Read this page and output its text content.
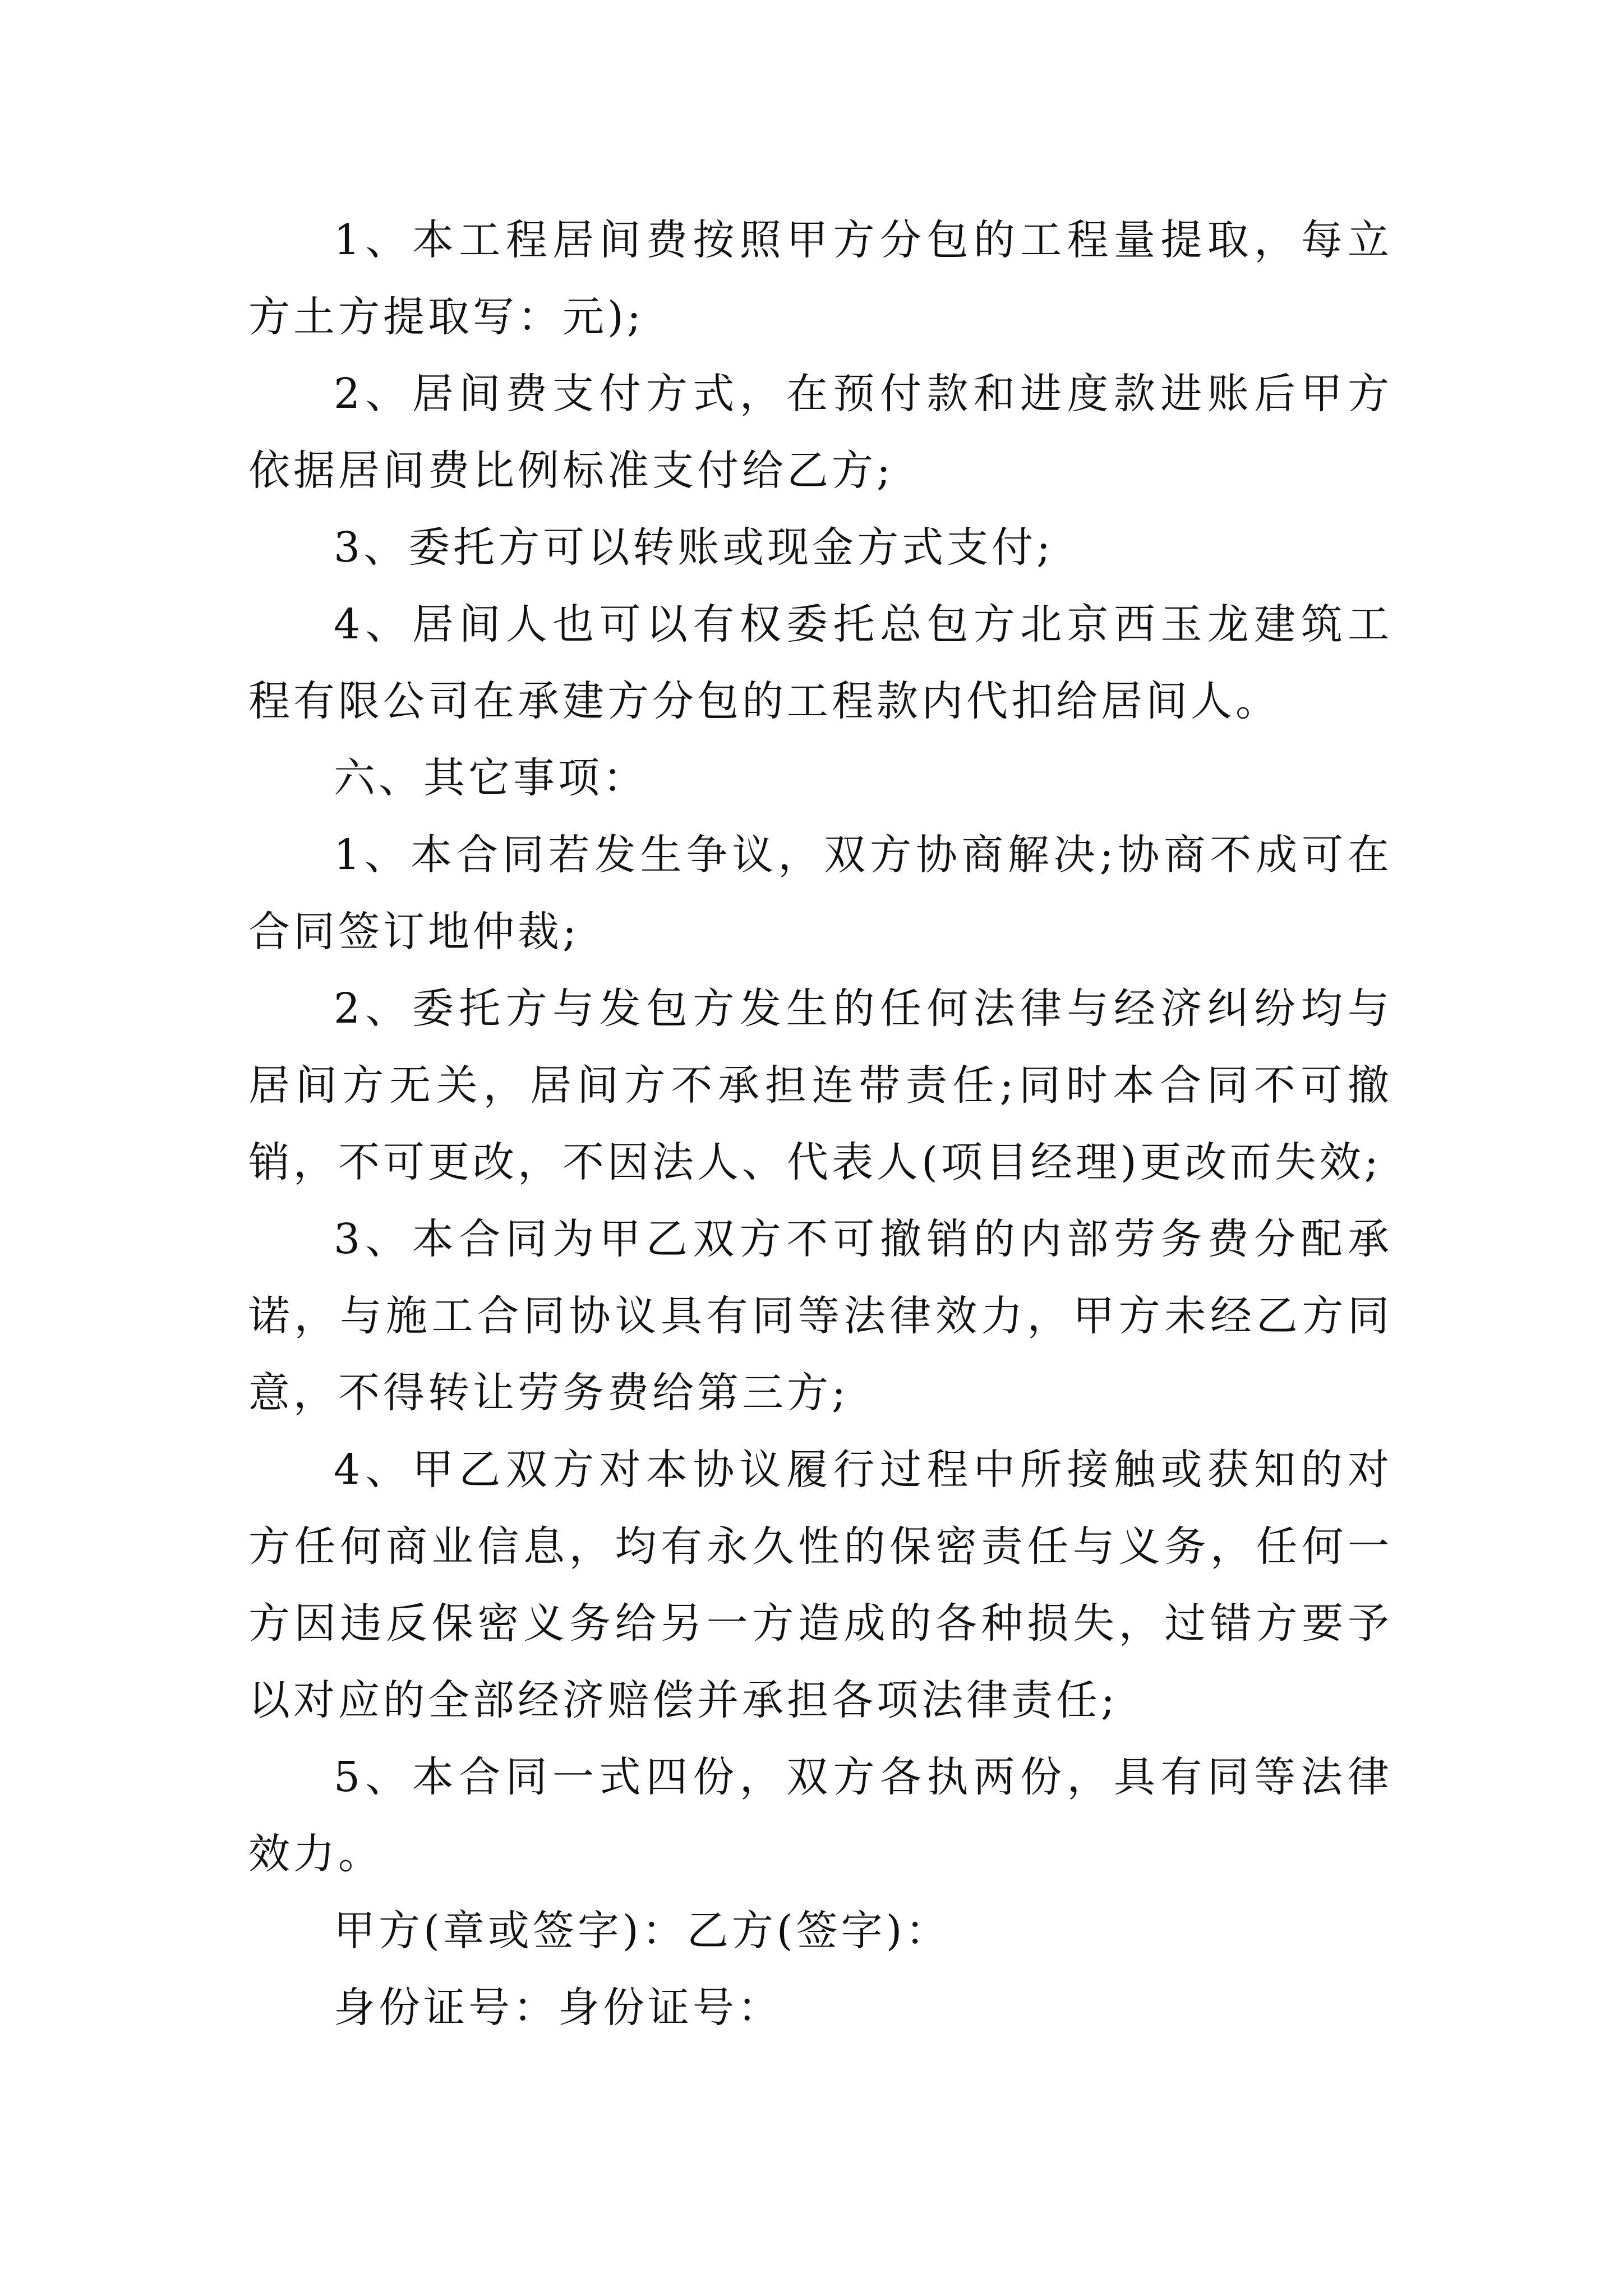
1、本工程居间费按照甲方分包的工程量提取，每立方土方提取写：元);

2、居间费支付方式，在预付款和进度款进账后甲方依据居间费比例标准支付给乙方;

3、委托方可以转账或现金方式支付;

4、居间人也可以有权委托总包方北京西玉龙建筑工程有限公司在承建方分包的工程款内代扣给居间人。

六、其它事项：

1、本合同若发生争议，双方协商解决;协商不成可在合同签订地仲裁;

2、委托方与发包方发生的任何法律与经济纠纷均与居间方无关，居间方不承担连带责任;同时本合同不可撤销，不可更改，不因法人、代表人(项目经理)更改而失效;

3、本合同为甲乙双方不可撤销的内部劳务费分配承诺，与施工合同协议具有同等法律效力，甲方未经乙方同意，不得转让劳务费给第三方;

4、甲乙双方对本协议履行过程中所接触或获知的对方任何商业信息，均有永久性的保密责任与义务，任何一方因违反保密义务给另一方造成的各种损失，过错方要予以对应的全部经济赔偿并承担各项法律责任;

5、本合同一式四份，双方各执两份，具有同等法律效力。

甲方(章或签字)：乙方(签字)：

身份证号：身份证号：
